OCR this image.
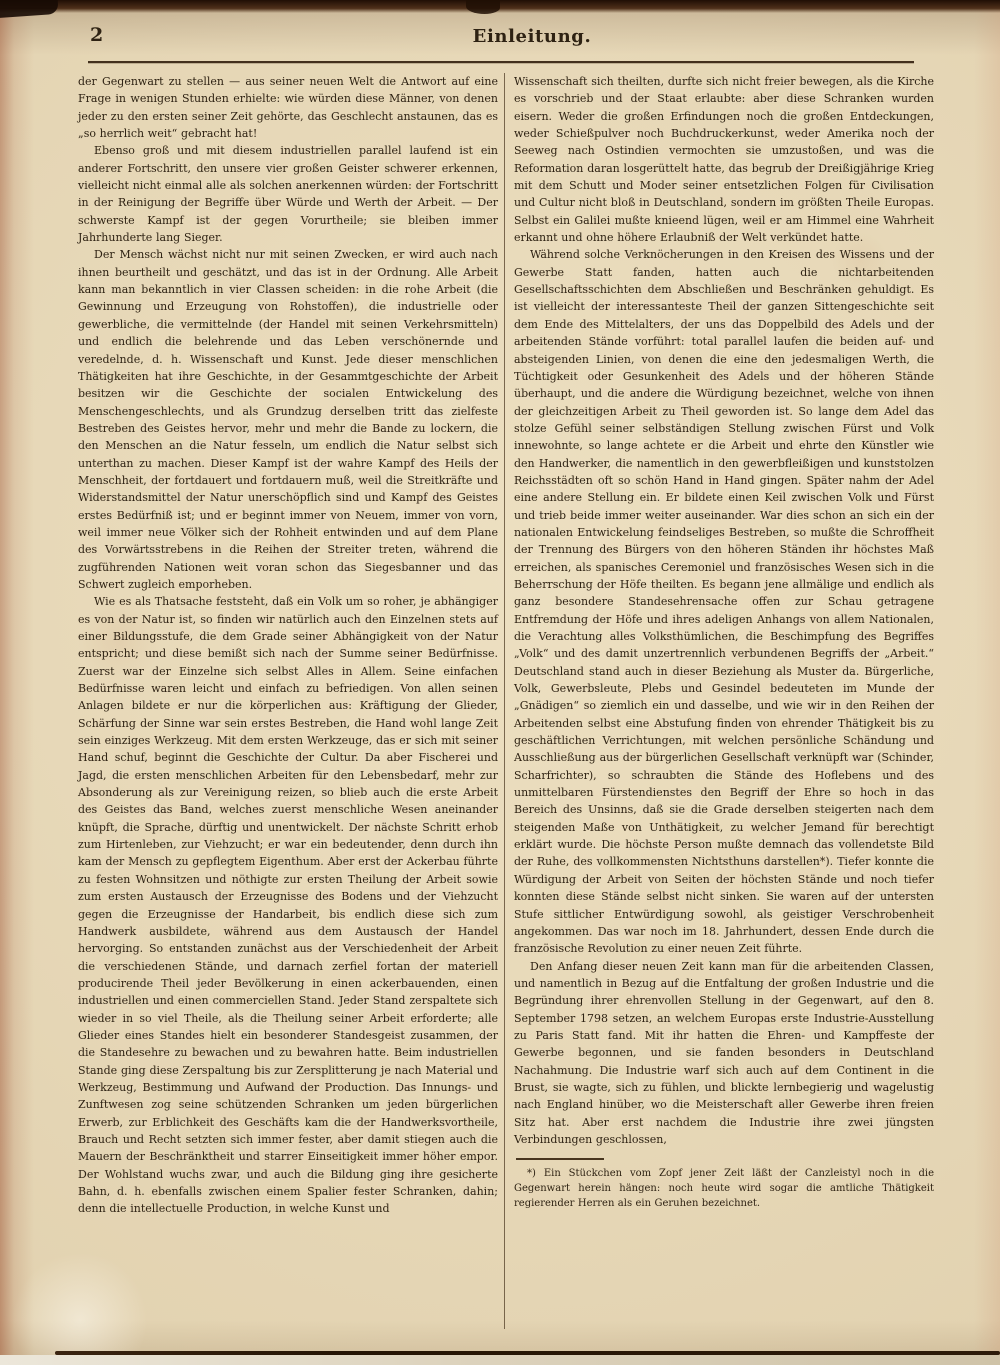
2	Einleitung.

der Gegenwart zu stellen — aus seiner neuen Welt die Antwort auf eine Frage in wenigen Stunden erhielte: wie würden diese Männer, von denen jeder zu den ersten seiner Zeit gehörte, das Geschlecht anstaunen, das es „so herrlich weit“ gebracht hat!

Ebenso groß und mit diesem industriellen parallel laufend ist ein anderer Fortschritt, den unsere vier großen Geister schwerer erkennen, vielleicht nicht einmal alle als solchen anerkennen würden: der Fortschritt in der Reinigung der Begriffe über Würde und Werth der Arbeit. — Der schwerste Kampf ist der gegen Vorurtheile; sie bleiben immer Jahrhunderte lang Sieger.

Der Mensch wächst nicht nur mit seinen Zwecken, er wird auch nach ihnen beurtheilt und geschätzt, und das ist in der Ordnung. Alle Arbeit kann man bekanntlich in vier Classen scheiden: in die rohe Arbeit (die Gewinnung und Erzeugung von Rohstoffen), die industrielle oder gewerbliche, die vermittelnde (der Handel mit seinen Verkehrsmitteln) und endlich die belehrende und das Leben verschönernde und veredelnde, d. h. Wissenschaft und Kunst. Jede dieser menschlichen Thätigkeiten hat ihre Geschichte, in der Gesammtgeschichte der Arbeit besitzen wir die Geschichte der socialen Entwickelung des Menschengeschlechts, und als Grundzug derselben tritt das zielfeste Bestreben des Geistes hervor, mehr und mehr die Bande zu lockern, die den Menschen an die Natur fesseln, um endlich die Natur selbst sich unterthan zu machen. Dieser Kampf ist der wahre Kampf des Heils der Menschheit, der fortdauert und fortdauern muß, weil die Streitkräfte und Widerstandsmittel der Natur unerschöpflich sind und Kampf des Geistes erstes Bedürfniß ist; und er beginnt immer von Neuem, immer von vorn, weil immer neue Völker sich der Rohheit entwinden und auf dem Plane des Vorwärtsstrebens in die Reihen der Streiter treten, während die zugführenden Nationen weit voran schon das Siegesbanner und das Schwert zugleich emporheben.

Wie es als Thatsache feststeht, daß ein Volk um so roher, je abhängiger es von der Natur ist, so finden wir natürlich auch den Einzelnen stets auf einer Bildungsstufe, die dem Grade seiner Abhängigkeit von der Natur entspricht; und diese bemißt sich nach der Summe seiner Bedürfnisse. Zuerst war der Einzelne sich selbst Alles in Allem. Seine einfachen Bedürfnisse waren leicht und einfach zu befriedigen. Von allen seinen Anlagen bildete er nur die körperlichen aus: Kräftigung der Glieder, Schärfung der Sinne war sein erstes Bestreben, die Hand wohl lange Zeit sein einziges Werkzeug. Mit dem ersten Werkzeuge, das er sich mit seiner Hand schuf, beginnt die Geschichte der Cultur. Da aber Fischerei und Jagd, die ersten menschlichen Arbeiten für den Lebensbedarf, mehr zur Absonderung als zur Vereinigung reizen, so blieb auch die erste Arbeit des Geistes das Band, welches zuerst menschliche Wesen aneinander knüpft, die Sprache, dürftig und unentwickelt. Der nächste Schritt erhob zum Hirtenleben, zur Viehzucht; er war ein bedeutender, denn durch ihn kam der Mensch zu gepflegtem Eigenthum. Aber erst der Ackerbau führte zu festen Wohnsitzen und nöthigte zur ersten Theilung der Arbeit sowie zum ersten Austausch der Erzeugnisse des Bodens und der Viehzucht gegen die Erzeugnisse der Handarbeit, bis endlich diese sich zum Handwerk ausbildete, während aus dem Austausch der Handel hervorging. So entstanden zunächst aus der Verschiedenheit der Arbeit die verschiedenen Stände, und darnach zerfiel fortan der materiell producirende Theil jeder Bevölkerung in einen ackerbauenden, einen industriellen und einen commerciellen Stand. Jeder Stand zerspaltete sich wieder in so viel Theile, als die Theilung seiner Arbeit erforderte; alle Glieder eines Standes hielt ein besonderer Standesgeist zusammen, der die Standesehre zu bewachen und zu bewahren hatte. Beim industriellen Stande ging diese Zerspaltung bis zur Zersplitterung je nach Material und Werkzeug, Bestimmung und Aufwand der Production. Das Innungs- und Zunftwesen zog seine schützenden Schranken um jeden bürgerlichen Erwerb, zur Erblichkeit des Geschäfts kam die der Handwerksvortheile, Brauch und Recht setzten sich immer fester, aber damit stiegen auch die Mauern der Beschränktheit und starrer Einseitigkeit immer höher empor. Der Wohlstand wuchs zwar, und auch die Bildung ging ihre gesicherte Bahn, d. h. ebenfalls zwischen einem Spalier fester Schranken, dahin; denn die intellectuelle Production, in welche Kunst und

Wissenschaft sich theilten, durfte sich nicht freier bewegen, als die Kirche es vorschrieb und der Staat erlaubte: aber diese Schranken wurden eisern. Weder die großen Erfindungen noch die großen Entdeckungen, weder Schießpulver noch Buchdruckerkunst, weder Amerika noch der Seeweg nach Ostindien vermochten sie umzustoßen, und was die Reformation daran losgerüttelt hatte, das begrub der Dreißigjährige Krieg mit dem Schutt und Moder seiner entsetzlichen Folgen für Civilisation und Cultur nicht bloß in Deutschland, sondern im größten Theile Europas. Selbst ein Galilei mußte knieend lügen, weil er am Himmel eine Wahrheit erkannt und ohne höhere Erlaubniß der Welt verkündet hatte.

Während solche Verknöcherungen in den Kreisen des Wissens und der Gewerbe Statt fanden, hatten auch die nichtarbeitenden Gesellschaftsschichten dem Abschließen und Beschränken gehuldigt. Es ist vielleicht der interessanteste Theil der ganzen Sittengeschichte seit dem Ende des Mittelalters, der uns das Doppelbild des Adels und der arbeitenden Stände vorführt: total parallel laufen die beiden auf- und absteigenden Linien, von denen die eine den jedesmaligen Werth, die Tüchtigkeit oder Gesunkenheit des Adels und der höheren Stände überhaupt, und die andere die Würdigung bezeichnet, welche von ihnen der gleichzeitigen Arbeit zu Theil geworden ist. So lange dem Adel das stolze Gefühl seiner selbständigen Stellung zwischen Fürst und Volk innewohnte, so lange achtete er die Arbeit und ehrte den Künstler wie den Handwerker, die namentlich in den gewerbfleißigen und kunststolzen Reichsstädten oft so schön Hand in Hand gingen. Später nahm der Adel eine andere Stellung ein. Er bildete einen Keil zwischen Volk und Fürst und trieb beide immer weiter auseinander. War dies schon an sich ein der nationalen Entwickelung feindseliges Bestreben, so mußte die Schroffheit der Trennung des Bürgers von den höheren Ständen ihr höchstes Maß erreichen, als spanisches Ceremoniel und französisches Wesen sich in die Beherrschung der Höfe theilten. Es begann jene allmälige und endlich als ganz besondere Standesehrensache offen zur Schau getragene Entfremdung der Höfe und ihres adeligen Anhangs von allem Nationalen, die Verachtung alles Volksthümlichen, die Beschimpfung des Begriffes „Volk“ und des damit unzertrennlich verbundenen Begriffs der „Arbeit.“ Deutschland stand auch in dieser Beziehung als Muster da. Bürgerliche, Volk, Gewerbsleute, Plebs und Gesindel bedeuteten im Munde der „Gnädigen“ so ziemlich ein und dasselbe, und wie wir in den Reihen der Arbeitenden selbst eine Abstufung finden von ehrender Thätigkeit bis zu geschäftlichen Verrichtungen, mit welchen persönliche Schändung und Ausschließung aus der bürgerlichen Gesellschaft verknüpft war (Schinder, Scharfrichter), so schraubten die Stände des Hoflebens und des unmittelbaren Fürstendienstes den Begriff der Ehre so hoch in das Bereich des Unsinns, daß sie die Grade derselben steigerten nach dem steigenden Maße von Unthätigkeit, zu welcher Jemand für berechtigt erklärt wurde. Die höchste Person mußte demnach das vollendetste Bild der Ruhe, des vollkommensten Nichtsthuns darstellen*). Tiefer konnte die Würdigung der Arbeit von Seiten der höchsten Stände und noch tiefer konnten diese Stände selbst nicht sinken. Sie waren auf der untersten Stufe sittlicher Entwürdigung sowohl, als geistiger Verschrobenheit angekommen. Das war noch im 18. Jahrhundert, dessen Ende durch die französische Revolution zu einer neuen Zeit führte.

Den Anfang dieser neuen Zeit kann man für die arbeitenden Classen, und namentlich in Bezug auf die Entfaltung der großen Industrie und die Begründung ihrer ehrenvollen Stellung in der Gegenwart, auf den 8. September 1798 setzen, an welchem Europas erste Industrie-Ausstellung zu Paris Statt fand. Mit ihr hatten die Ehren- und Kampffeste der Gewerbe begonnen, und sie fanden besonders in Deutschland Nachahmung. Die Industrie warf sich auch auf dem Continent in die Brust, sie wagte, sich zu fühlen, und blickte lernbegierig und wagelustig nach England hinüber, wo die Meisterschaft aller Gewerbe ihren freien Sitz hat. Aber erst nachdem die Industrie ihre zwei jüngsten Verbindungen geschlossen,

*) Ein Stückchen vom Zopf jener Zeit läßt der Canzleistyl noch in die Gegenwart herein hängen: noch heute wird sogar die amtliche Thätigkeit regierender Herren als ein Geruhen bezeichnet.
